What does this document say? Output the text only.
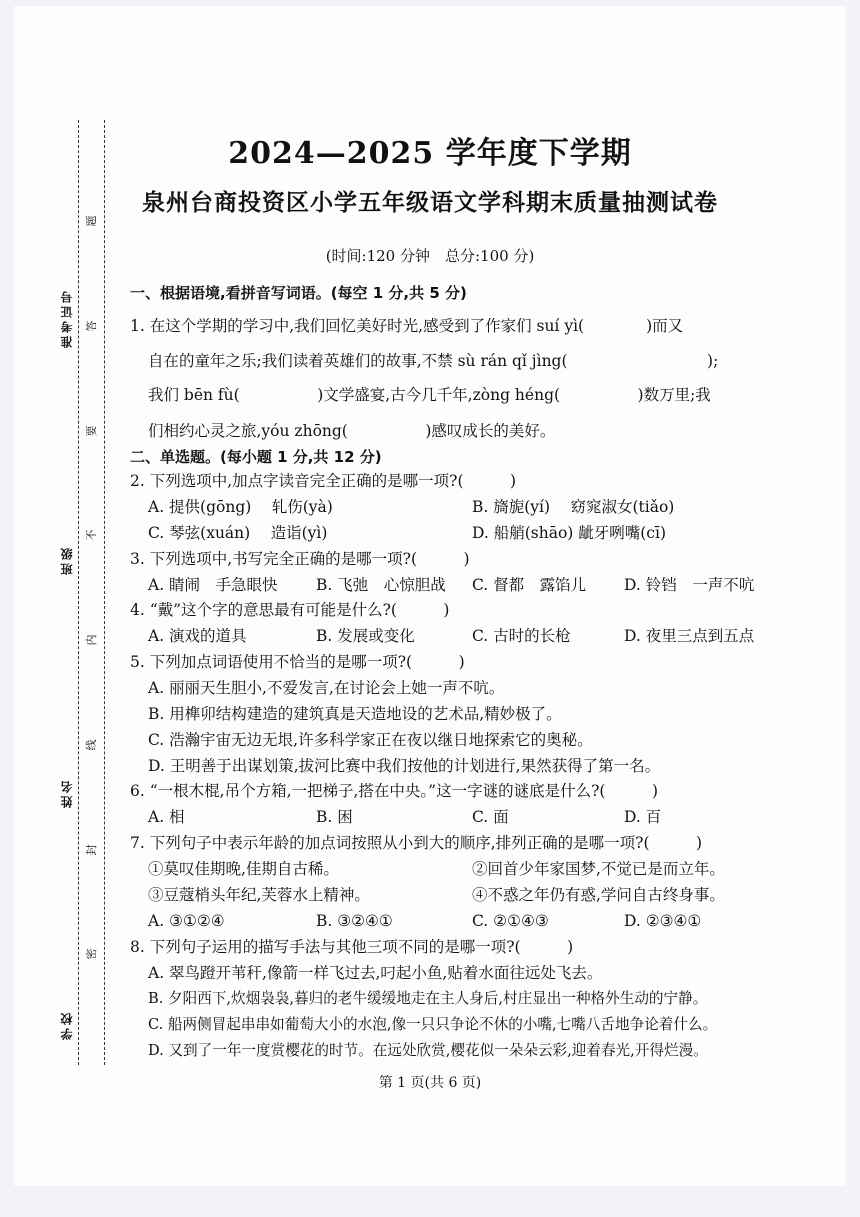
准考证号
班级
姓名
学校
题
答
要
不
内
线
封
密
2024—2025 学年度下学期
泉州台商投资区小学五年级语文学科期末质量抽测试卷
(时间:120 分钟　总分:100 分)
一、根据语境,看拼音写词语。(每空 1 分,共 5 分)
1. 在这个学期的学习中,我们回忆美好时光,感受到了作家们 suí yì(　　　　)而又
自在的童年之乐;我们读着英雄们的故事,不禁 sù rán qǐ jìng(　　　　　　　　　);
我们 bēn fù(　　　　　)文学盛宴,古今几千年,zòng héng(　　　　　)数万里;我
们相约心灵之旅,yóu zhōng(　　　　　)感叹成长的美好。
二、单选题。(每小题 1 分,共 12 分)
2. 下列选项中,加点字读音完全正确的是哪一项?(　　　)
A. 提供(gōng)　 轧伤(yà)	B. 旖旎(yí)　 窈窕淑女(tiǎo)
C. 琴弦(xuán)　 造诣(yì)	D. 船艄(shāo) 龇牙咧嘴(cī)
3. 下列选项中,书写完全正确的是哪一项?(　　　)
A. 睛闹　手急眼快 B. 飞弛　心惊胆战 C. 督都　露馅儿 D. 铃铛　一声不吭
4. “戴”这个字的意思最有可能是什么?(　　　)
A. 演戏的道具	B. 发展或变化	C. 古时的长枪	D. 夜里三点到五点
5. 下列加点词语使用不恰当的是哪一项?(　　　)
A. 丽丽天生胆小,不爱发言,在讨论会上她一声不吭。
B. 用榫卯结构建造的建筑真是天造地设的艺术品,精妙极了。
C. 浩瀚宇宙无边无垠,许多科学家正在夜以继日地探索它的奥秘。
D. 王明善于出谋划策,拔河比赛中我们按他的计划进行,果然获得了第一名。
6. “一根木棍,吊个方箱,一把梯子,搭在中央。”这一字谜的谜底是什么?(　　　)
A. 相	B. 困	C. 面	D. 百
7. 下列句子中表示年龄的加点词按照从小到大的顺序,排列正确的是哪一项?(　　　)
①莫叹佳期晚,佳期自古稀。	②回首少年家国梦,不觉已是而立年。
③豆蔻梢头年纪,芙蓉水上精神。	④不惑之年仍有惑,学问自古终身事。
A. ③①②④	B. ③②④①	C. ②①④③	D. ②③④①
8. 下列句子运用的描写手法与其他三项不同的是哪一项?(　　　)
A. 翠鸟蹬开苇秆,像箭一样飞过去,叼起小鱼,贴着水面往远处飞去。
B. 夕阳西下,炊烟袅袅,暮归的老牛缓缓地走在主人身后,村庄显出一种格外生动的宁静。
C. 船两侧冒起串串如葡萄大小的水泡,像一只只争论不休的小嘴,七嘴八舌地争论着什么。
D. 又到了一年一度赏樱花的时节。在远处欣赏,樱花似一朵朵云彩,迎着春光,开得烂漫。
第 1 页(共 6 页)
